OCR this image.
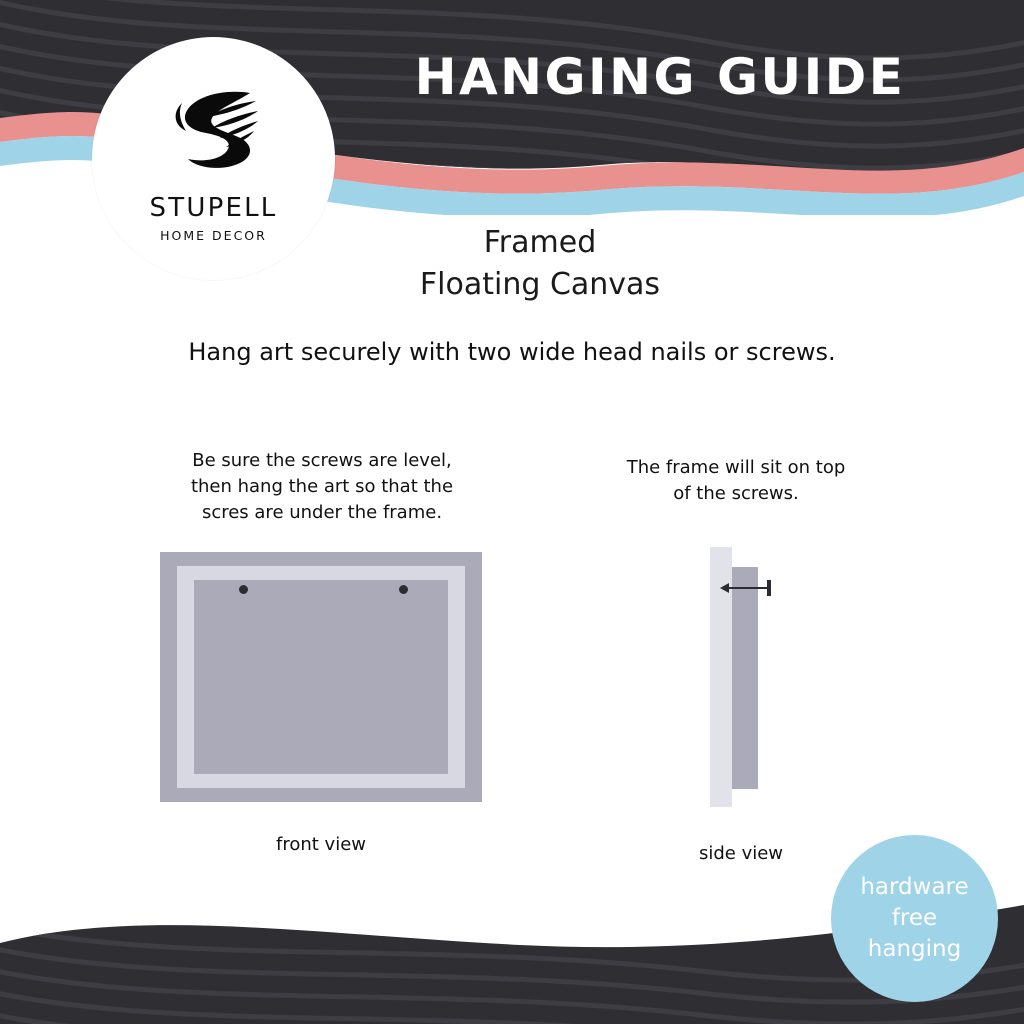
STUPELL
HOME DECOR
HANGING GUIDE
Framed
Floating Canvas
Hang art securely with two wide head nails or screws.
Be sure the screws are level,
then hang the art so that the
scres are under the frame.
The frame will sit on top
of the screws.
front view	side view
hardware
free
hanging
